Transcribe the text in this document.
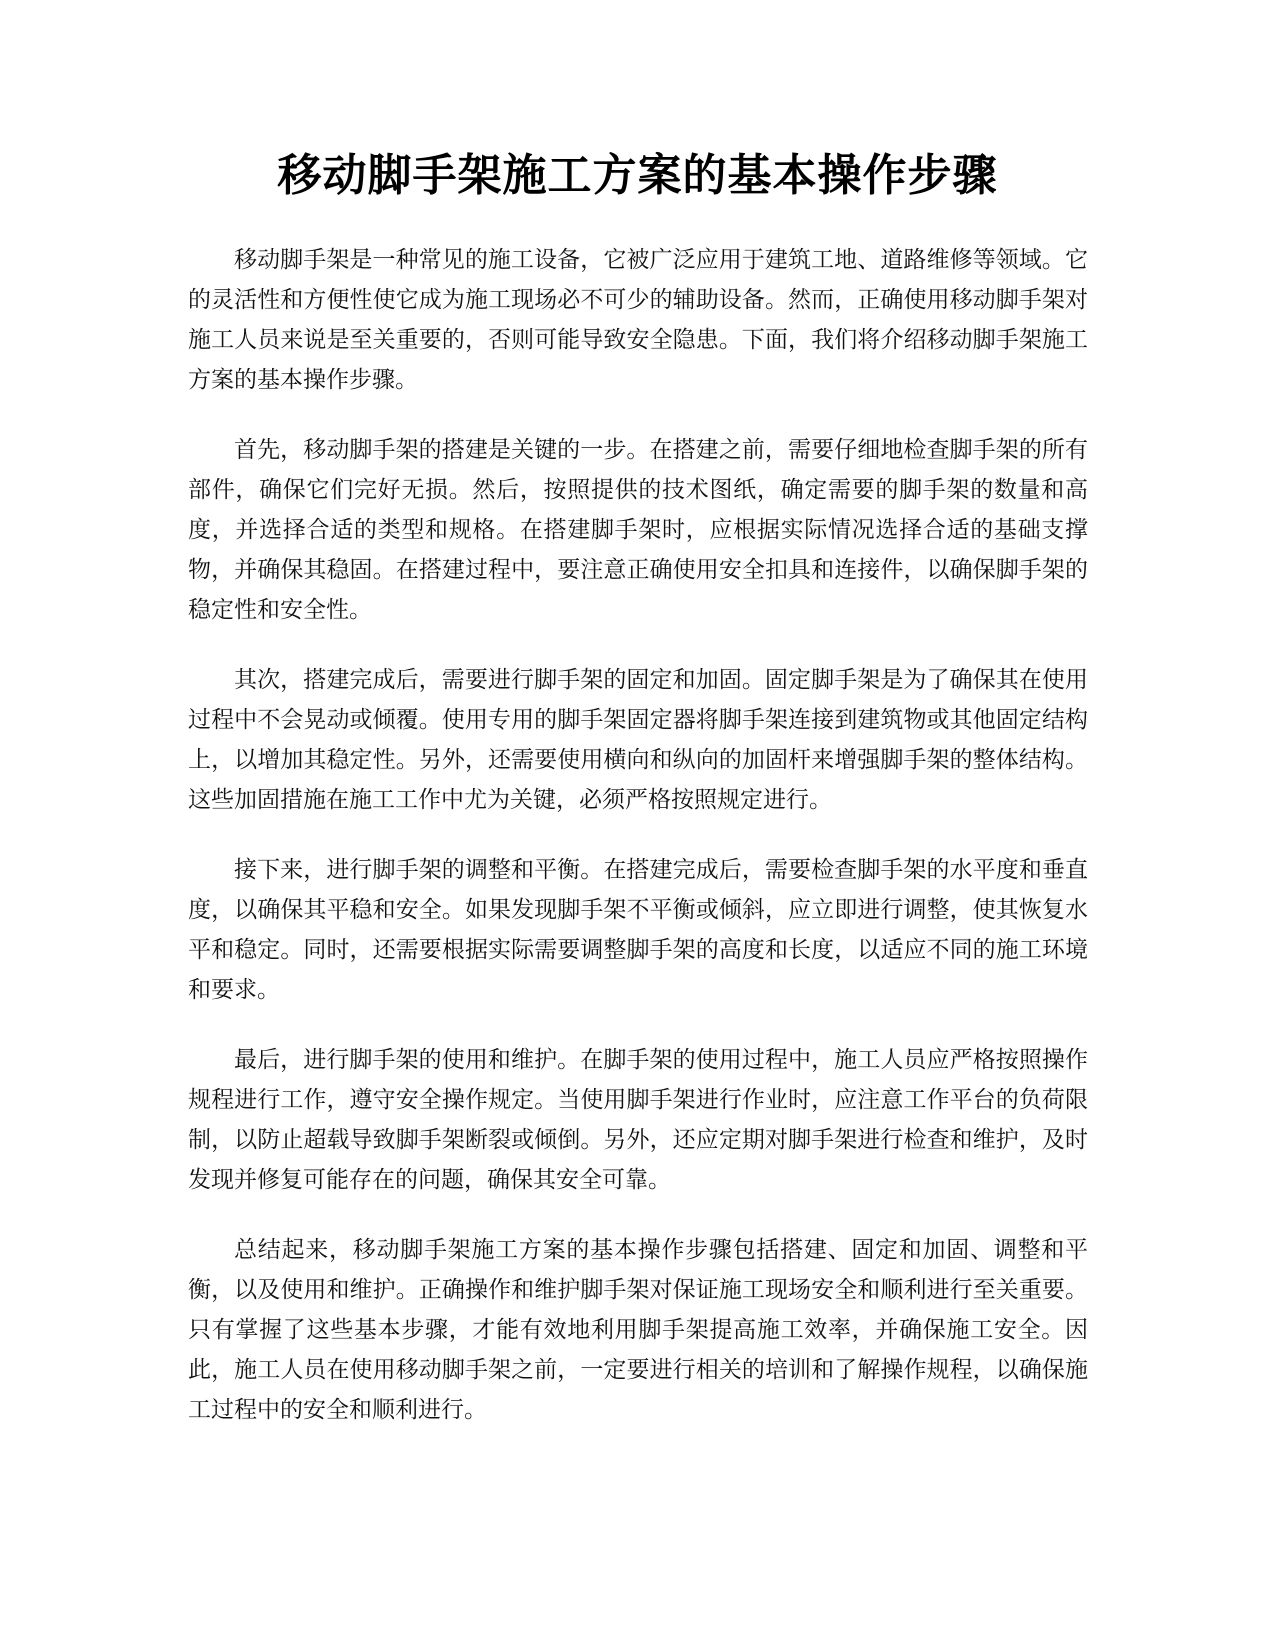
移动脚手架施工方案的基本操作步骤

移动脚手架是一种常见的施工设备，它被广泛应用于建筑工地、道路维修等领域。它的灵活性和方便性使它成为施工现场必不可少的辅助设备。然而，正确使用移动脚手架对施工人员来说是至关重要的，否则可能导致安全隐患。下面，我们将介绍移动脚手架施工方案的基本操作步骤。

首先，移动脚手架的搭建是关键的一步。在搭建之前，需要仔细地检查脚手架的所有部件，确保它们完好无损。然后，按照提供的技术图纸，确定需要的脚手架的数量和高度，并选择合适的类型和规格。在搭建脚手架时，应根据实际情况选择合适的基础支撑物，并确保其稳固。在搭建过程中，要注意正确使用安全扣具和连接件，以确保脚手架的稳定性和安全性。

其次，搭建完成后，需要进行脚手架的固定和加固。固定脚手架是为了确保其在使用过程中不会晃动或倾覆。使用专用的脚手架固定器将脚手架连接到建筑物或其他固定结构上，以增加其稳定性。另外，还需要使用横向和纵向的加固杆来增强脚手架的整体结构。这些加固措施在施工工作中尤为关键，必须严格按照规定进行。

接下来，进行脚手架的调整和平衡。在搭建完成后，需要检查脚手架的水平度和垂直度，以确保其平稳和安全。如果发现脚手架不平衡或倾斜，应立即进行调整，使其恢复水平和稳定。同时，还需要根据实际需要调整脚手架的高度和长度，以适应不同的施工环境和要求。

最后，进行脚手架的使用和维护。在脚手架的使用过程中，施工人员应严格按照操作规程进行工作，遵守安全操作规定。当使用脚手架进行作业时，应注意工作平台的负荷限制，以防止超载导致脚手架断裂或倾倒。另外，还应定期对脚手架进行检查和维护，及时发现并修复可能存在的问题，确保其安全可靠。

总结起来，移动脚手架施工方案的基本操作步骤包括搭建、固定和加固、调整和平衡，以及使用和维护。正确操作和维护脚手架对保证施工现场安全和顺利进行至关重要。只有掌握了这些基本步骤，才能有效地利用脚手架提高施工效率，并确保施工安全。因此，施工人员在使用移动脚手架之前，一定要进行相关的培训和了解操作规程，以确保施工过程中的安全和顺利进行。
